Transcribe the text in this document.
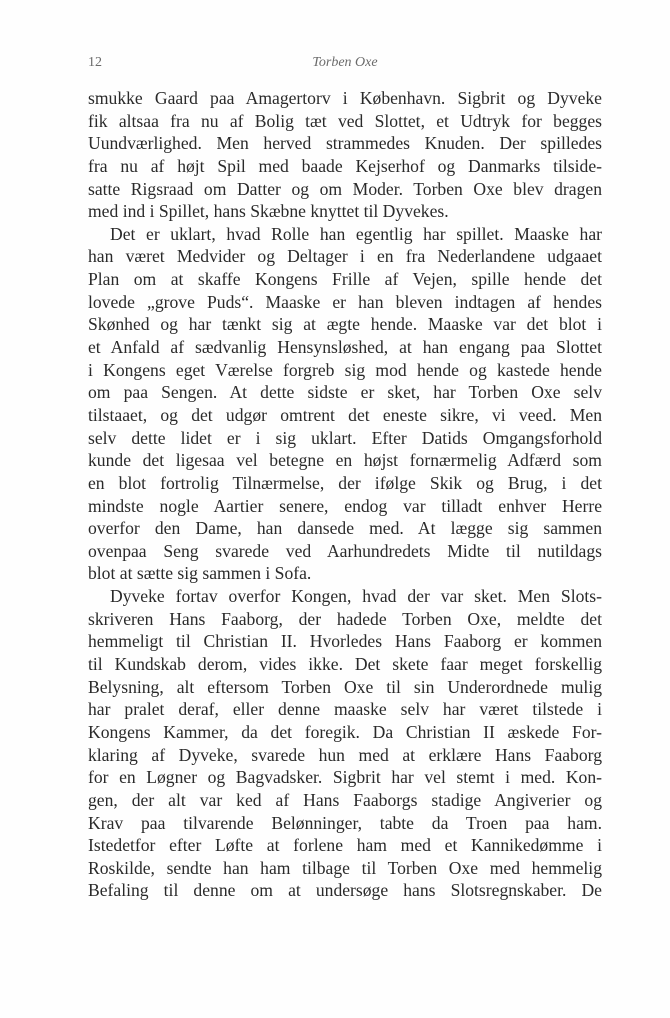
12	Torben Oxe
smukke Gaard paa Amagertorv i København. Sigbrit og Dyveke
fik altsaa fra nu af Bolig tæt ved Slottet, et Udtryk for begges
Uundværlighed. Men herved strammedes Knuden. Der spilledes
fra nu af højt Spil med baade Kejserhof og Danmarks tilside-
satte Rigsraad om Datter og om Moder. Torben Oxe blev dragen
med ind i Spillet, hans Skæbne knyttet til Dyvekes.
Det er uklart, hvad Rolle han egentlig har spillet. Maaske har
han været Medvider og Deltager i en fra Nederlandene udgaaet
Plan om at skaffe Kongens Frille af Vejen, spille hende det
lovede „grove Puds“. Maaske er han bleven indtagen af hendes
Skønhed og har tænkt sig at ægte hende. Maaske var det blot i
et Anfald af sædvanlig Hensynsløshed, at han engang paa Slottet
i Kongens eget Værelse forgreb sig mod hende og kastede hende
om paa Sengen. At dette sidste er sket, har Torben Oxe selv
tilstaaet, og det udgør omtrent det eneste sikre, vi veed. Men
selv dette lidet er i sig uklart. Efter Datids Omgangsforhold
kunde det ligesaa vel betegne en højst fornærmelig Adfærd som
en blot fortrolig Tilnærmelse, der ifølge Skik og Brug, i det
mindste nogle Aartier senere, endog var tilladt enhver Herre
overfor den Dame, han dansede med. At lægge sig sammen
ovenpaa Seng svarede ved Aarhundredets Midte til nutildags
blot at sætte sig sammen i Sofa.
Dyveke fortav overfor Kongen, hvad der var sket. Men Slots-
skriveren Hans Faaborg, der hadede Torben Oxe, meldte det
hemmeligt til Christian II. Hvorledes Hans Faaborg er kommen
til Kundskab derom, vides ikke. Det skete faar meget forskellig
Belysning, alt eftersom Torben Oxe til sin Underordnede mulig
har pralet deraf, eller denne maaske selv har været tilstede i
Kongens Kammer, da det foregik. Da Christian II æskede For-
klaring af Dyveke, svarede hun med at erklære Hans Faaborg
for en Løgner og Bagvadsker. Sigbrit har vel stemt i med. Kon-
gen, der alt var ked af Hans Faaborgs stadige Angiverier og
Krav paa tilvarende Belønninger, tabte da Troen paa ham.
Istedetfor efter Løfte at forlene ham med et Kannikedømme i
Roskilde, sendte han ham tilbage til Torben Oxe med hemmelig
Befaling til denne om at undersøge hans Slotsregnskaber. De
